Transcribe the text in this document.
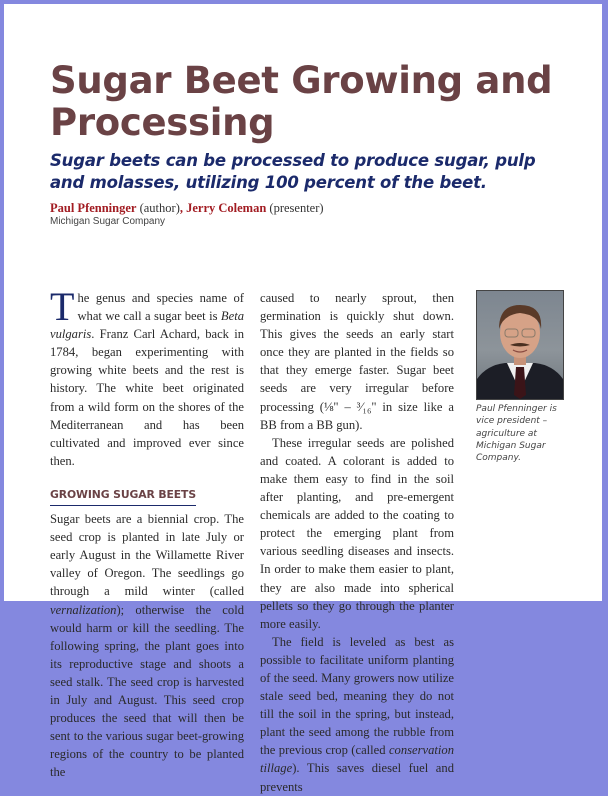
Sugar Beet Growing and Processing

Sugar beets can be processed to produce sugar, pulp and molasses, utilizing 100 percent of the beet.

Paul Pfenninger (author), Jerry Coleman (presenter)

Michigan Sugar Company

The genus and species name of what we call a sugar beet is Beta vulgaris. Franz Carl Achard, back in 1784, began experimenting with growing white beets and the rest is history. The white beet originated from a wild form on the shores of the Mediterranean and has been cultivated and improved ever since then.

GROWING SUGAR BEETS

Sugar beets are a biennial crop. The seed crop is planted in late July or early August in the Willamette River valley of Oregon. The seedlings go through a mild winter (called vernalization); otherwise the cold would harm or kill the seedling. The following spring, the plant goes into its reproductive stage and shoots a seed stalk. The seed crop is harvested in July and August. This seed crop produces the seed that will then be sent to the various sugar beet-growing regions of the country to be planted the

caused to nearly sprout, then germination is quickly shut down. This gives the seeds an early start once they are planted in the fields so that they emerge faster. Sugar beet seeds are very irregular before processing (⅛" – ³⁄₁₆" in size like a BB from a BB gun).

These irregular seeds are polished and coated. A colorant is added to make them easy to find in the soil after planting, and pre-emergent chemicals are added to the coating to protect the emerging plant from various seedling diseases and insects. In order to make them easier to plant, they are also made into spherical pellets so they go through the planter more easily.

The field is leveled as best as possible to facilitate uniform planting of the seed. Many growers now utilize stale seed bed, meaning they do not till the soil in the spring, but instead, plant the seed among the rubble from the previous crop (called conservation tillage). This saves diesel fuel and prevents

Paul Pfenninger is vice president – agriculture at Michigan Sugar Company.
